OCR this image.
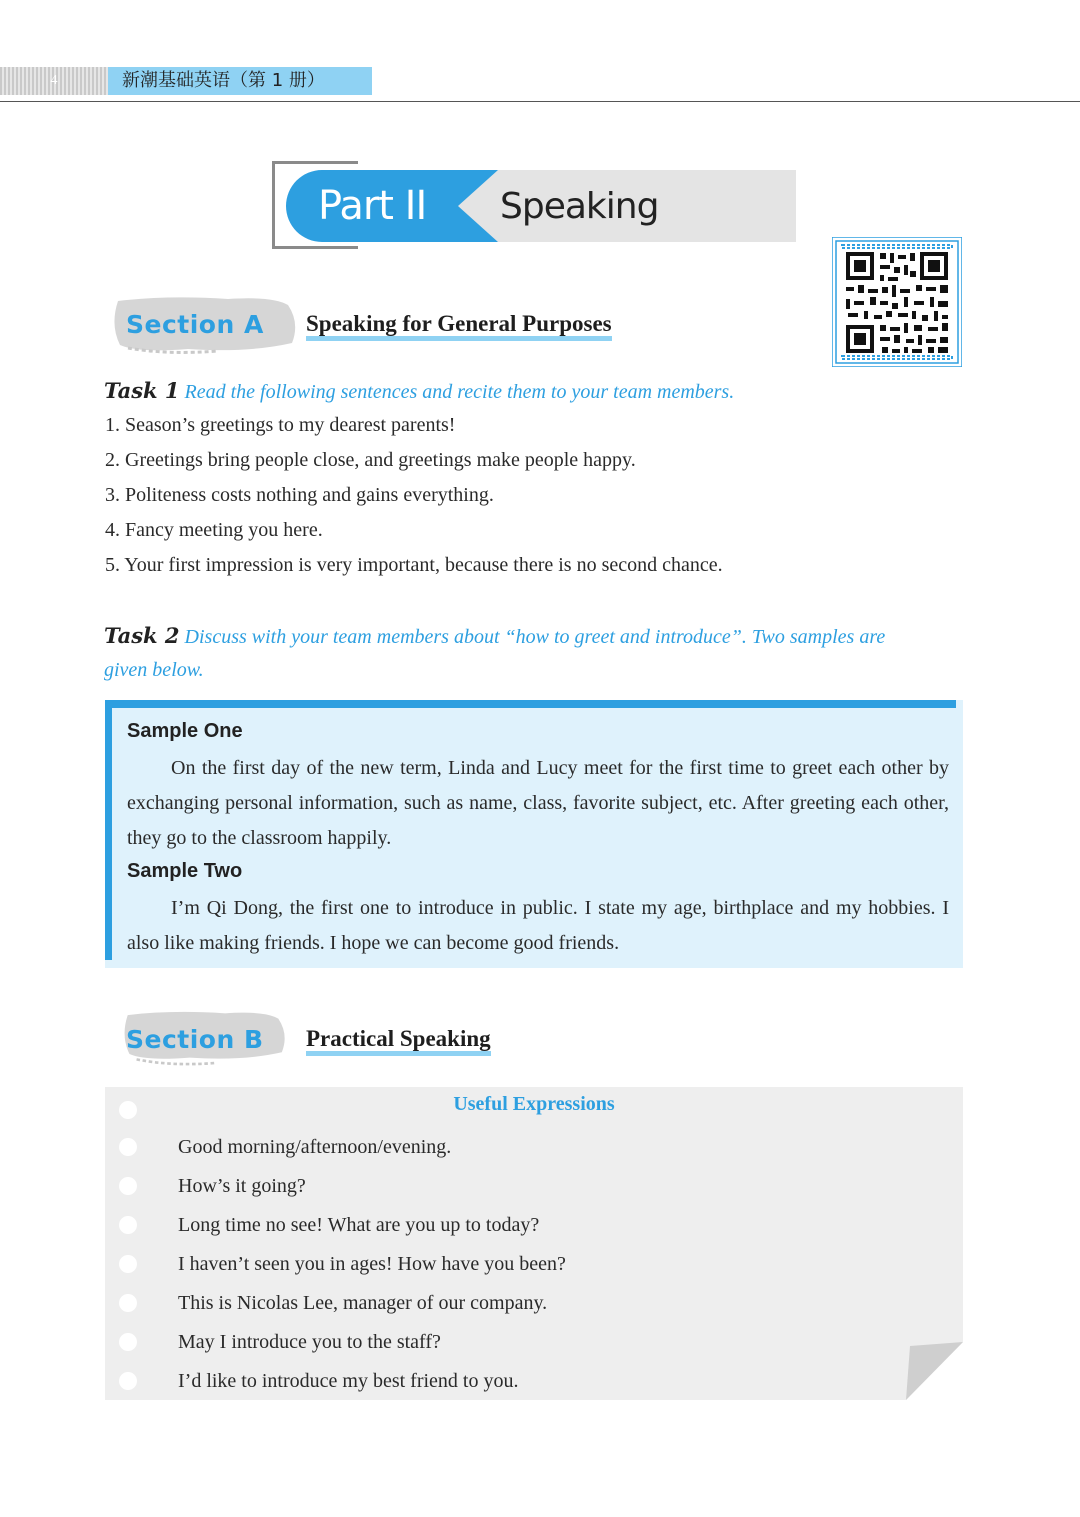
4	新潮基础英语（第 1 册）
Part II Speaking
Section A Speaking for General Purposes
Task 1 Read the following sentences and recite them to your team members.
1. Season’s greetings to my dearest parents!
2. Greetings bring people close, and greetings make people happy.
3. Politeness costs nothing and gains everything.
4. Fancy meeting you here.
5. Your first impression is very important, because there is no second chance.
Task 2 Discuss with your team members about “how to greet and introduce”. Two samples are
given below.
Sample One
On the first day of the new term, Linda and Lucy meet for the first time to greet each other by exchanging personal information, such as name, class, favorite subject, etc. After greeting each other, they go to the classroom happily.
Sample Two
I’m Qi Dong, the first one to introduce in public. I state my age, birthplace and my hobbies. I also like making friends. I hope we can become good friends.
Section B Practical Speaking
Useful Expressions
Good morning/afternoon/evening.
How’s it going?
Long time no see! What are you up to today?
I haven’t seen you in ages! How have you been?
This is Nicolas Lee, manager of our company.
May I introduce you to the staff?
I’d like to introduce my best friend to you.
